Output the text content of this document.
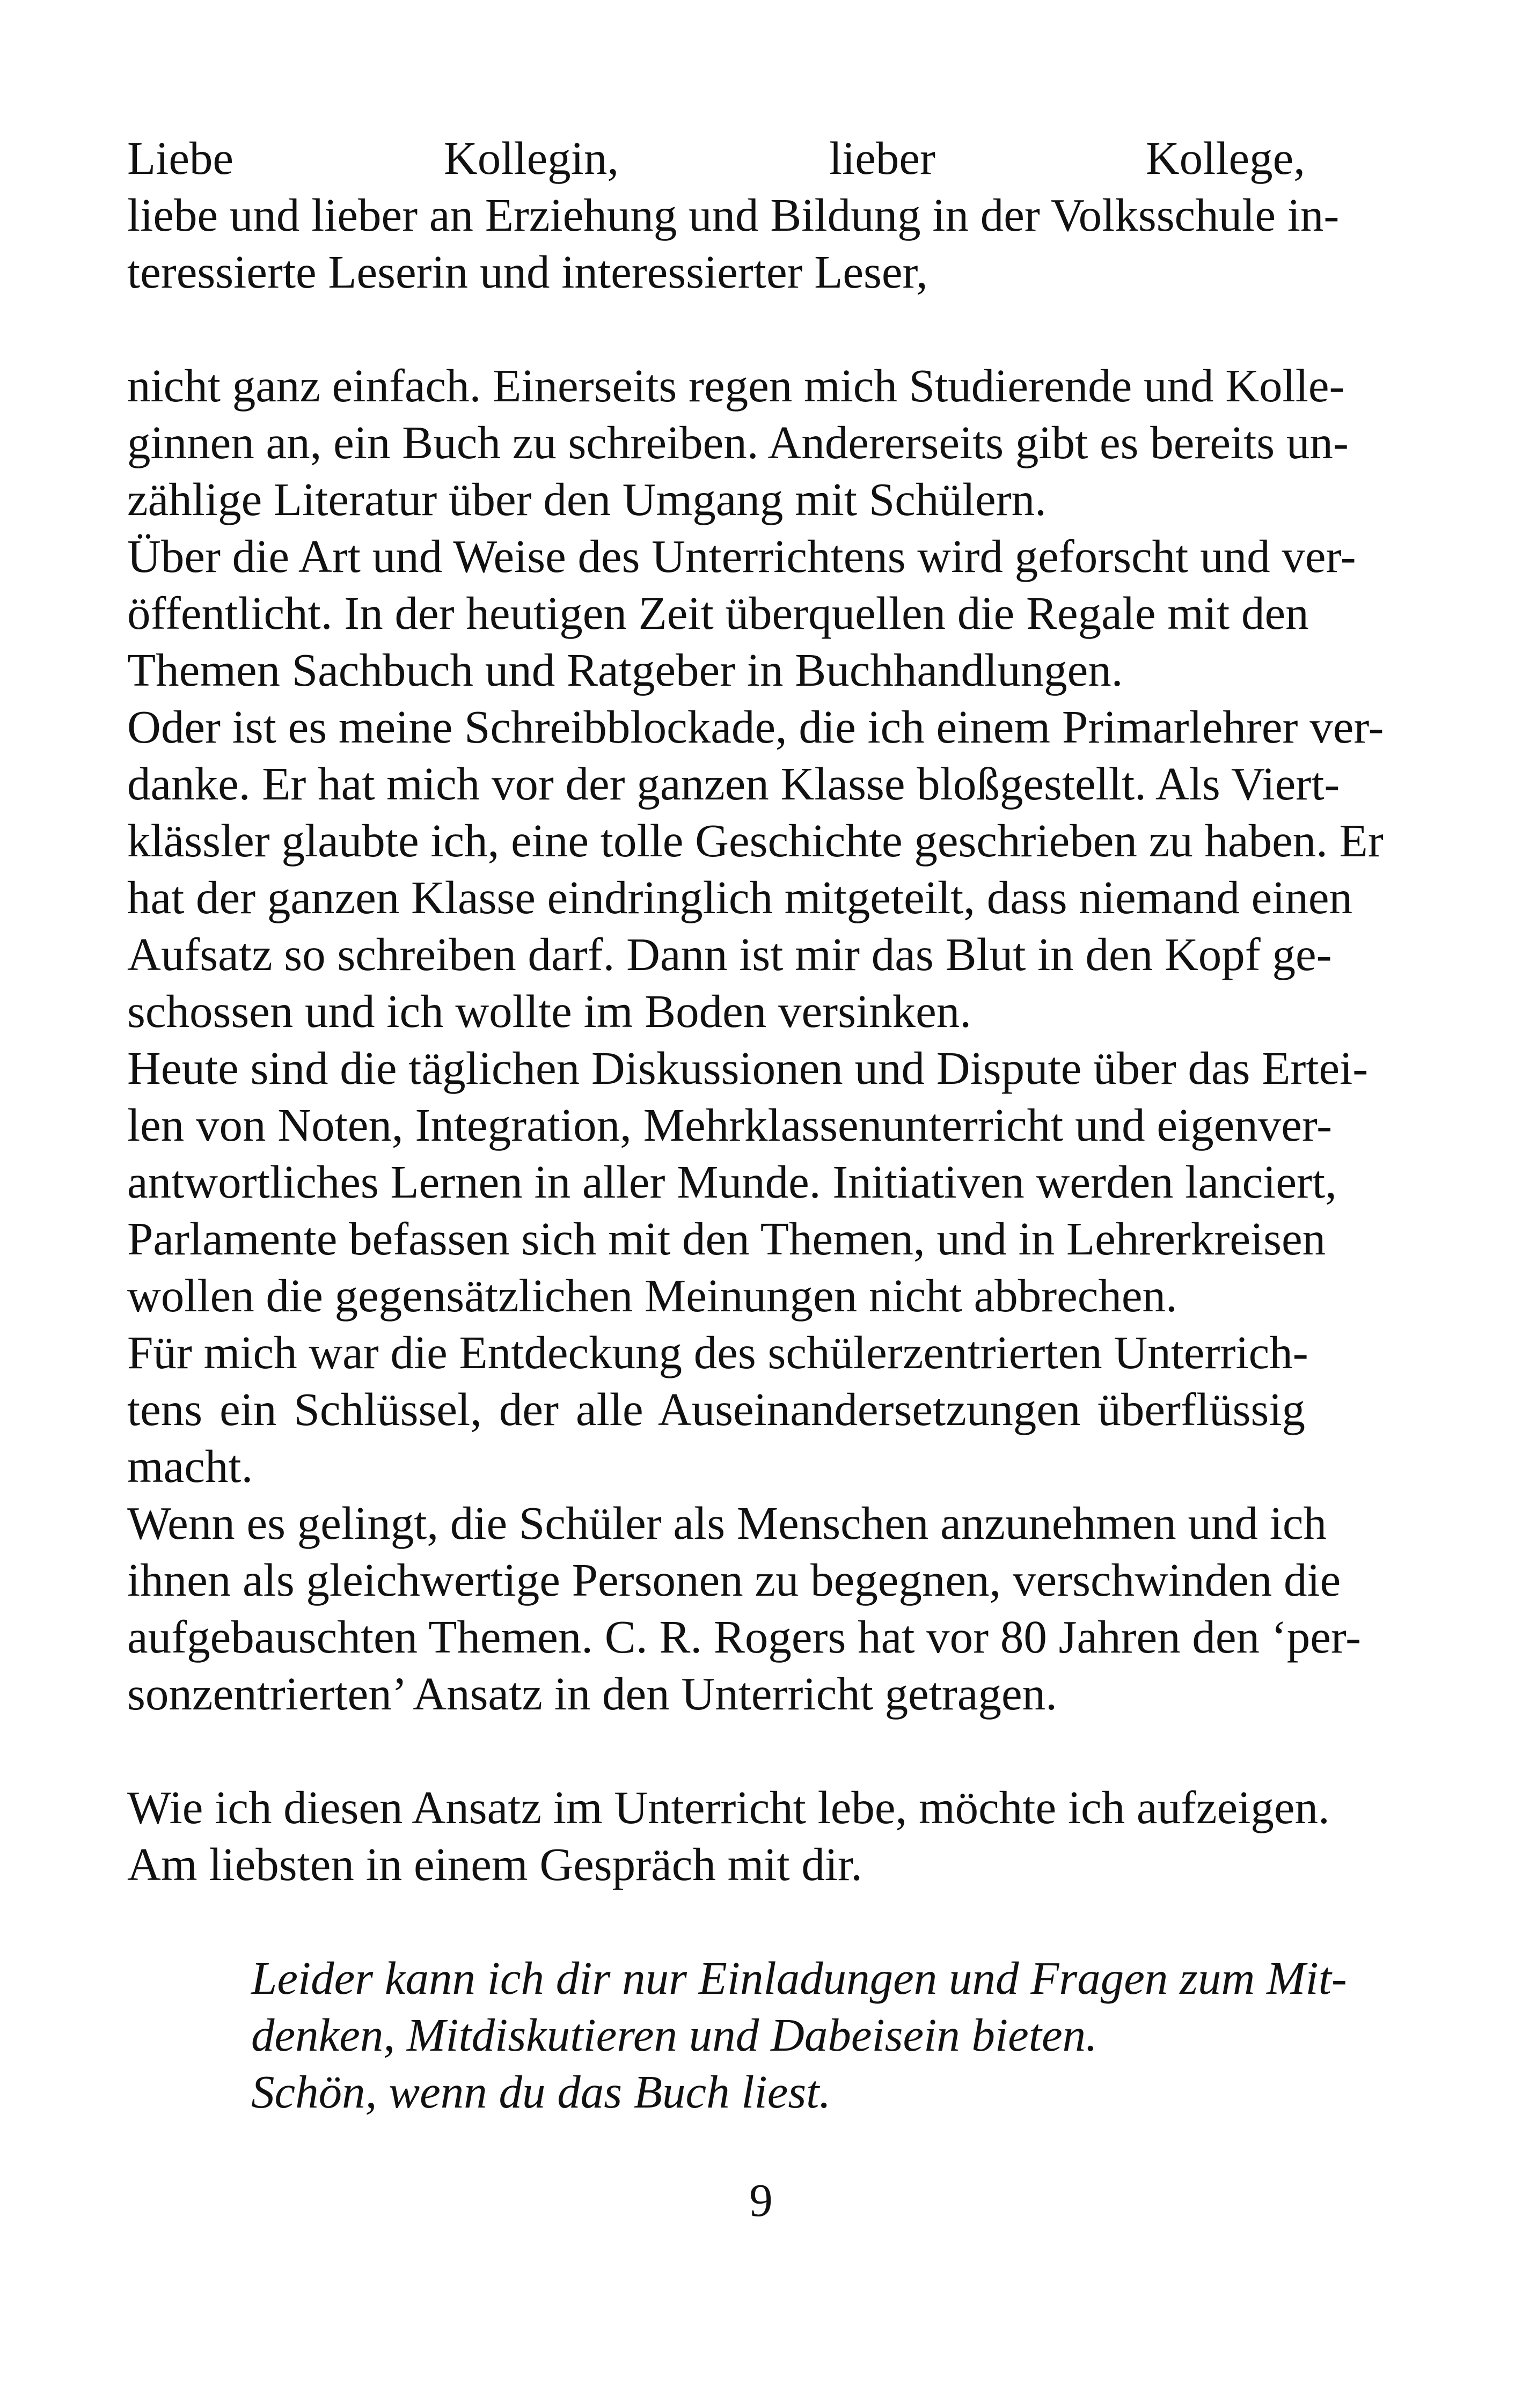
Liebe Kollegin, lieber Kollege,
liebe und lieber an Erziehung und Bildung in der Volksschule in-
teressierte Leserin und interessierter Leser,
nicht ganz einfach. Einerseits regen mich Studierende und Kolle-
ginnen an, ein Buch zu schreiben. Andererseits gibt es bereits un-
zählige Literatur über den Umgang mit Schülern.
Über die Art und Weise des Unterrichtens wird geforscht und ver-
öffentlicht. In der heutigen Zeit überquellen die Regale mit den
Themen Sachbuch und Ratgeber in Buchhandlungen.
Oder ist es meine Schreibblockade, die ich einem Primarlehrer ver-
danke. Er hat mich vor der ganzen Klasse bloßgestellt. Als Viert-
klässler glaubte ich, eine tolle Geschichte geschrieben zu haben. Er
hat der ganzen Klasse eindringlich mitgeteilt, dass niemand einen
Aufsatz so schreiben darf. Dann ist mir das Blut in den Kopf ge-
schossen und ich wollte im Boden versinken.
Heute sind die täglichen Diskussionen und Dispute über das Ertei-
len von Noten, Integration, Mehrklassenunterricht und eigenver-
antwortliches Lernen in aller Munde. Initiativen werden lanciert,
Parlamente befassen sich mit den Themen, und in Lehrerkreisen
wollen die gegensätzlichen Meinungen nicht abbrechen.
Für mich war die Entdeckung des schülerzentrierten Unterrich-
tens ein Schlüssel, der alle Auseinandersetzungen überflüssig
macht.
Wenn es gelingt, die Schüler als Menschen anzunehmen und ich
ihnen als gleichwertige Personen zu begegnen, verschwinden die
aufgebauschten Themen. C. R. Rogers hat vor 80 Jahren den ‘per-
sonzentrierten’ Ansatz in den Unterricht getragen.
Wie ich diesen Ansatz im Unterricht lebe, möchte ich aufzeigen.
Am liebsten in einem Gespräch mit dir.
Leider kann ich dir nur Einladungen und Fragen zum Mit-
denken, Mitdiskutieren und Dabeisein bieten.
Schön, wenn du das Buch liest.
9
